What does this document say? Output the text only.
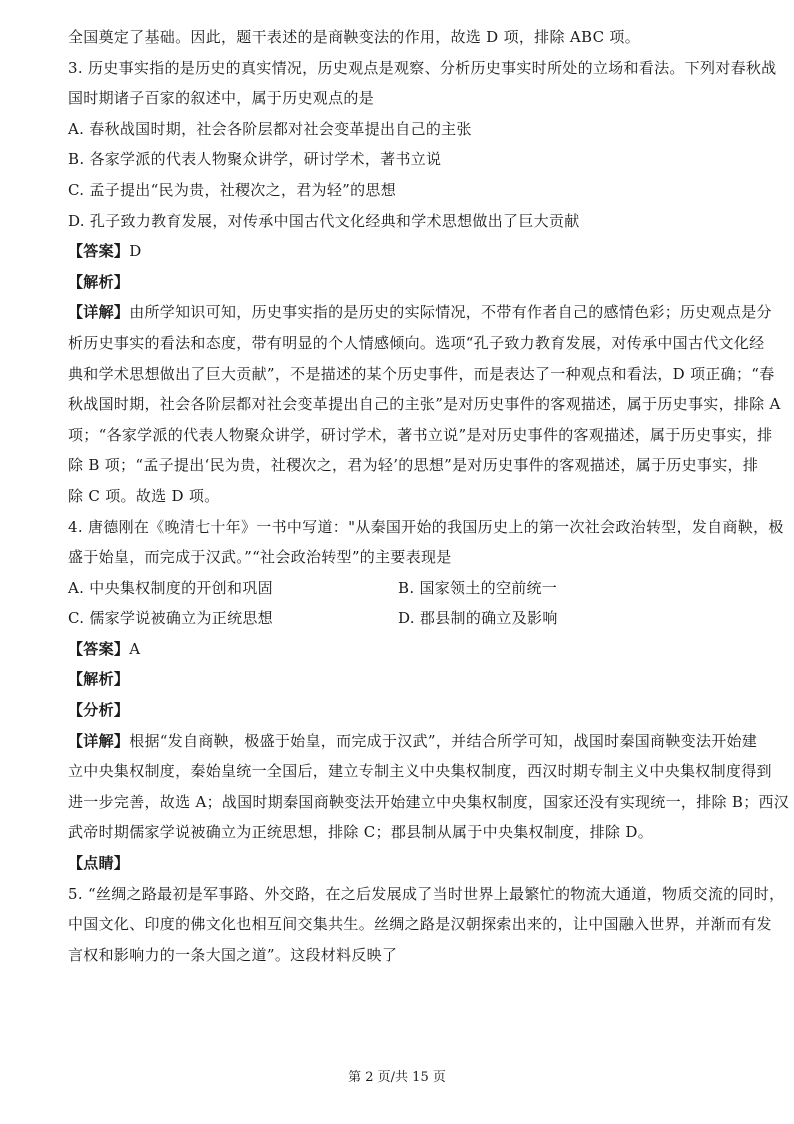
全国奠定了基础。因此，题干表述的是商鞅变法的作用，故选 D 项，排除 ABC 项。
3. 历史事实指的是历史的真实情况，历史观点是观察、分析历史事实时所处的立场和看法。下列对春秋战
国时期诸子百家的叙述中，属于历史观点的是
A. 春秋战国时期，社会各阶层都对社会变革提出自己的主张
B. 各家学派的代表人物聚众讲学，研讨学术，著书立说
C. 孟子提出“民为贵，社稷次之，君为轻”的思想
D. 孔子致力教育发展，对传承中国古代文化经典和学术思想做出了巨大贡献
【答案】D
【解析】
【详解】由所学知识可知，历史事实指的是历史的实际情况，不带有作者自己的感情色彩；历史观点是分
析历史事实的看法和态度，带有明显的个人情感倾向。选项“孔子致力教育发展，对传承中国古代文化经
典和学术思想做出了巨大贡献”，不是描述的某个历史事件，而是表达了一种观点和看法，D 项正确；“春
秋战国时期，社会各阶层都对社会变革提出自己的主张”是对历史事件的客观描述，属于历史事实，排除 A
项；“各家学派的代表人物聚众讲学，研讨学术，著书立说”是对历史事件的客观描述，属于历史事实，排
除 B 项；“孟子提出‘民为贵，社稷次之，君为轻’的思想”是对历史事件的客观描述，属于历史事实，排
除 C 项。故选 D 项。
4. 唐德刚在《晚清七十年》一书中写道："从秦国开始的我国历史上的第一次社会政治转型，发自商鞅，极
盛于始皇，而完成于汉武。”“社会政治转型”的主要表现是
A. 中央集权制度的开创和巩固	B. 国家领土的空前统一
C. 儒家学说被确立为正统思想	D. 郡县制的确立及影响
【答案】A
【解析】
【分析】
【详解】根据“发自商鞅，极盛于始皇，而完成于汉武”，并结合所学可知，战国时秦国商鞅变法开始建
立中央集权制度，秦始皇统一全国后，建立专制主义中央集权制度，西汉时期专制主义中央集权制度得到
进一步完善，故选 A；战国时期秦国商鞅变法开始建立中央集权制度，国家还没有实现统一，排除 B；西汉
武帝时期儒家学说被确立为正统思想，排除 C；郡县制从属于中央集权制度，排除 D。
【点睛】
5. “丝绸之路最初是军事路、外交路，在之后发展成了当时世界上最繁忙的物流大通道，物质交流的同时，
中国文化、印度的佛文化也相互间交集共生。丝绸之路是汉朝探索出来的，让中国融入世界，并渐而有发
言权和影响力的一条大国之道”。这段材料反映了
第 2 页/共 15 页
